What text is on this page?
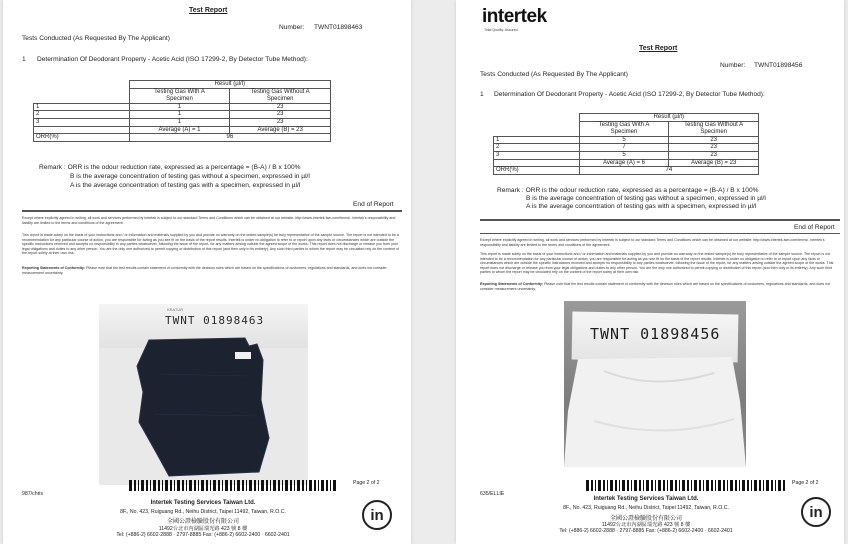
Test Report
Number: TWNT01898463
Tests Conducted (As Requested By The Applicant)
1 Determination Of Deodorant Property - Acetic Acid (ISO 17299-2, By Detector Tube Method):
	Result (µl/l)	
	Testing Gas With A	Testing Gas Without A
	Specimen	Specimen
1	1	23
2	1	23
3	1	23
	Average (A) = 1	Average (B) = 23
ORR(%)	96	
Remark : ORR is the odour reduction rate, expressed as a percentage = (B-A) / B x 100%
B is the average concentration of testing gas without a specimen, expressed in µl/l
A is the average concentration of testing gas with a specimen, expressed in µl/l
End of Report
Except where explicitly agreed in writing, all work and services performed by Intertek is subject to our standard Terms and Conditions which can be obtained at our website: http://www.intertek-twn.com/terms/. Intertek's responsibility and liability are limited to the terms and conditions of the agreement.
This report is made solely on the basis of your instructions and / or information and materials supplied by you and provide no warranty on the tested sample(s) be truly representative of the sample source. The report is not intended to be a recommendation for any particular course of action, you are responsible for acting as you see fit on the basis of the report results. Intertek is under no obligation to refer to or report upon any facts or circumstances which are outside the specific instructions received and accepts no responsibility to any parties whatsoever, following the issue of the report, for any matters arising outside the agreed scope of the works. This report does not discharge or release you from your legal obligations and duties to any other person. You are the only one authorized to permit copying or distribution of this report (and then only in its entirety). Any such third parties to whom the report may be circulated rely on the content of the report solely at their own risk.
Reporting Statements of Conformity: Please note that the test results contain statement of conformity with the decision rules which are based on the specifications of customers, regulations and standards, and does not consider measurement uncertainty.
KRATUR
TWNT 01898463
987/chris
Page 2 of 2
Intertek Testing Services Taiwan Ltd.
8F., No. 423, Ruiguang Rd., Neihu District, Taipei 11492, Taiwan, R.O.C.
全國公證檢驗股份有限公司
11492台北市內湖區瑞光路 423 號 8 樓
Tel: (+886-2) 6602-2888 · 2797-8885 Fax: (+886-2) 6602-2400 · 6602-2401
in
intertek
Total Quality. Assured.
Test Report
Number: TWNT01898456
Tests Conducted (As Requested By The Applicant)
1 Determination Of Deodorant Property - Acetic Acid (ISO 17299-2, By Detector Tube Method):
	Result (µl/l)	
	Testing Gas With A	Testing Gas Without A
	Specimen	Specimen
1	5	23
2	7	23
3	5	23
	Average (A) = 6	Average (B) = 23
ORR(%)	74	
Remark : ORR is the odour reduction rate, expressed as a percentage = (B-A) / B x 100%
B is the average concentration of testing gas without a specimen, expressed in µl/l
A is the average concentration of testing gas with a specimen, expressed in µl/l
End of Report
Except where explicitly agreed in writing, all work and services performed by Intertek is subject to our standard Terms and Conditions which can be obtained at our website: http://www.intertek-twn.com/terms/. Intertek's responsibility and liability are limited to the terms and conditions of the agreement.
This report is made solely on the basis of your instructions and / or information and materials supplied by you and provide no warranty on the tested sample(s) be truly representative of the sample source. The report is not intended to be a recommendation for any particular course of action, you are responsible for acting as you see fit on the basis of the report results. Intertek is under no obligation to refer to or report upon any facts or circumstances which are outside the specific instructions received and accepts no responsibility to any parties whatsoever, following the issue of the report, for any matters arising outside the agreed scope of the works. This report does not discharge or release you from your legal obligations and duties to any other person. You are the only one authorized to permit copying or distribution of this report (and then only in its entirety). Any such third parties to whom the report may be circulated rely on the content of the report solely at their own risk.
Reporting Statements of Conformity: Please note that the test results contain statement of conformity with the decision rules which are based on the specifications of customers, regulations and standards, and does not consider measurement uncertainty.
TWNT 01898456
635/ELLIE
Page 2 of 2
Intertek Testing Services Taiwan Ltd.
8F., No. 423, Ruiguang Rd., Neihu District, Taipei 11492, Taiwan, R.O.C.
全國公證檢驗股份有限公司
11492台北市內湖區瑞光路 423 號 8 樓
Tel: (+886-2) 6602-2888 · 2797-8885 Fax: (+886-2) 6602-2400 · 6602-2401
in
